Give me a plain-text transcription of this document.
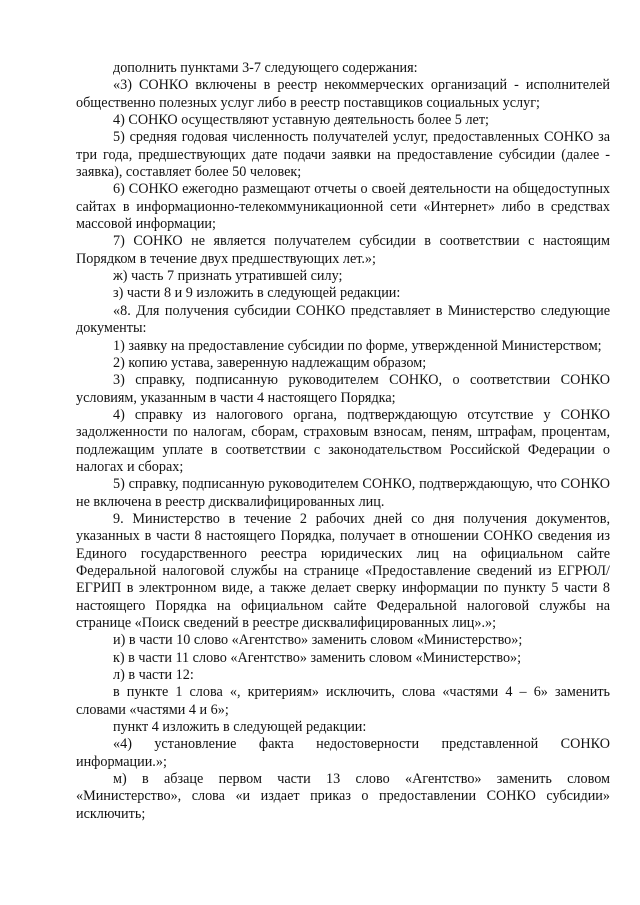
дополнить пунктами 3-7 следующего содержания:

«3) СОНКО включены в реестр некоммерческих организаций - исполнителей общественно полезных услуг либо в реестр поставщиков социальных услуг;

4) СОНКО осуществляют уставную деятельность более 5 лет;

5) средняя годовая численность получателей услуг, предоставленных СОНКО за три года, предшествующих дате подачи заявки на предоставление субсидии (далее - заявка), составляет более 50 человек;

6) СОНКО ежегодно размещают отчеты о своей деятельности на общедоступных сайтах в информационно-телекоммуникационной сети «Интернет» либо в средствах массовой информации;

7) СОНКО не является получателем субсидии в соответствии с настоящим Порядком в течение двух предшествующих лет.»;

ж) часть 7 признать утратившей силу;

з) части 8 и 9 изложить в следующей редакции:

«8. Для получения субсидии СОНКО представляет в Министерство следующие документы:

1) заявку на предоставление субсидии по форме, утвержденной Министерством;

2) копию устава, заверенную надлежащим образом;

3) справку, подписанную руководителем СОНКО, о соответствии СОНКО условиям, указанным в части 4 настоящего Порядка;

4) справку из налогового органа, подтверждающую отсутствие у СОНКО задолженности по налогам, сборам, страховым взносам, пеням, штрафам, процентам, подлежащим уплате в соответствии с законодательством Российской Федерации о налогах и сборах;

5) справку, подписанную руководителем СОНКО, подтверждающую, что СОНКО не включена в реестр дисквалифицированных лиц.

9. Министерство в течение 2 рабочих дней со дня получения документов, указанных в части 8 настоящего Порядка, получает в отношении СОНКО сведения из Единого государственного реестра юридических лиц на официальном сайте Федеральной налоговой службы на странице «Предоставление сведений из ЕГРЮЛ/ЕГРИП в электронном виде, а также делает сверку информации по пункту 5 части 8 настоящего Порядка на официальном сайте Федеральной налоговой службы на странице «Поиск сведений в реестре дисквалифицированных лиц».»;

и) в части 10 слово «Агентство» заменить словом «Министерство»;

к) в части 11 слово «Агентство» заменить словом «Министерство»;

л) в части 12:

в пункте 1 слова «, критериям» исключить, слова «частями 4 – 6» заменить словами «частями 4 и 6»;

пункт 4 изложить в следующей редакции:

«4) установление факта недостоверности представленной СОНКО информации.»;

м) в абзаце первом части 13 слово «Агентство» заменить словом «Министерство», слова «и издает приказ о предоставлении СОНКО субсидии» исключить;
